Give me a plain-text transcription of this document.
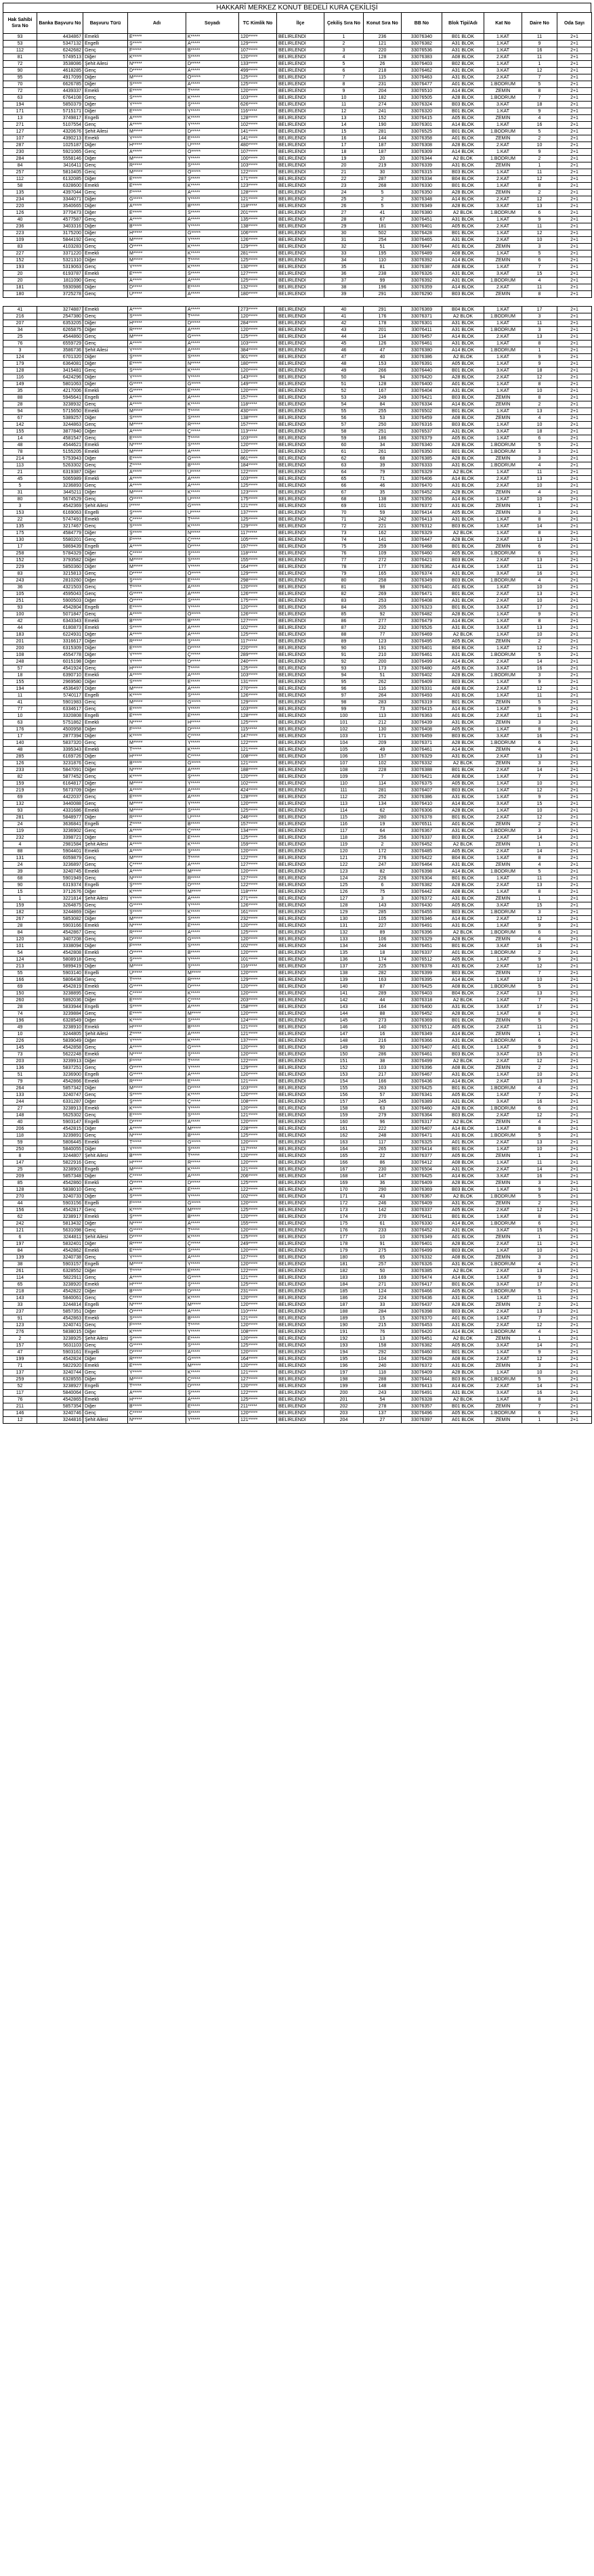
HAKKARİ MERKEZ KONUT BEDELİ KURA ÇEKİLİŞİ
Hak Sahibi Sıra No	Banka Başvuru No	Başvuru Türü	Adı	Soyadı	TC Kimlik No	İlçe	Çekiliş Sıra No	Konut Sıra No	BB No	Blok Tipi/Adı	Kat No	Daire No	Oda Sayı
93	4434867	Emekli	E*****	K*****	120*****	BELİRLENDİ	1	236	33076340	B01 BLOK	1.KAT	11	2+1
53	5347132	Engelli	Ş*****	A*****	129*****	BELİRLENDİ	2	121	33076382	A31 BLOK	1.KAT	9	2+1
112	6242682	Genç	F*****	B*****	107*****	BELİRLENDİ	3	220	33076536	A31 BLOK	1.KAT	16	2+1
81	5749513	Diğer	K*****	S*****	120*****	BELİRLENDİ	4	128	33076383	A08 BLOK	2.KAT	11	2+1
72	3538086	Şehit Ailesi	N*****	D*****	133*****	BELİRLENDİ	5	26	33076403	B02 BLOK	1.KAT	1	2+1
90	4618285	Genç	D*****	A*****	499*****	BELİRLENDİ	6	218	33076462	A31 BLOK	3.KAT	12	2+1
95	4917099	Diğer	M*****	Ö*****	125*****	BELİRLENDİ	7	115	33076463	A31 BLOK	2.KAT	7	2+1
70	6626785	Diğer	S*****	A*****	125*****	BELİRLENDİ	8	231	33076477	A01 BLOK	1.BODRUM	5	2+1
72	4439337	Emekli	E*****	T*****	120*****	BELİRLENDİ	9	204	33076510	A14 BLOK	ZEMİN	8	2+1
63	6764108	Genç	S*****	K*****	103*****	BELİRLENDİ	10	182	33076505	A28 BLOK	1.BODRUM	7	2+1
194	5850379	Diğer	Y*****	Ş*****	626*****	BELİRLENDİ	11	274	33076324	B03 BLOK	3.KAT	18	2+1
171	5715171	Diğer	E*****	Y*****	116*****	BELİRLENDİ	12	241	33076320	B01 BLOK	1.KAT	9	2+1
13	3749817	Engelli	A*****	K*****	128*****	BELİRLENDİ	13	152	33076415	A05 BLOK	ZEMİN	4	2+1
271	5107554	Genç	A*****	Y*****	102*****	BELİRLENDİ	14	190	33076301	A14 BLOK	1.KAT	16	2+1
127	4320676	Şehit Ailesi	M*****	D*****	141*****	BELİRLENDİ	15	281	33076525	B01 BLOK	1.BODRUM	5	2+1
107	4390213	Emekli	Y*****	E*****	141*****	BELİRLENDİ	16	144	33076358	A01 BLOK	ZEMİN	2	2+1
287	1025187	Diğer	H*****	Ü*****	480*****	BELİRLENDİ	17	187	33076308	A28 BLOK	2.KAT	10	2+1
230	5921065	Genç	A*****	Ö*****	107*****	BELİRLENDİ	18	187	33076309	A14 BLOK	1.KAT	9	2+1
284	5558146	Diğer	M*****	Y*****	100*****	BELİRLENDİ	19	20	33076344	A2 BLOK	1.BODRUM	2	2+1
84	3416411	Genç	R*****	S*****	103*****	BELİRLENDİ	20	219	33076339	A31 BLOK	ZEMİN	1	2+1
257	5810405	Genç	M*****	Ö*****	122*****	BELİRLENDİ	21	30	33076315	B03 BLOK	1.KAT	11	2+1
112	6132085	Diğer	E*****	Ş*****	171*****	BELİRLENDİ	22	287	33076334	B04 BLOK	2.KAT	12	2+1
58	6328600	Emekli	E*****	K*****	123*****	BELİRLENDİ	23	268	33076330	B01 BLOK	1.KAT	8	2+1
135	4397044	Genç	F*****	A*****	128*****	BELİRLENDİ	24	5	33076350	A28 BLOK	ZEMİN	2	2+1
234	3344071	Diğer	G*****	Y*****	121*****	BELİRLENDİ	25	2	33076348	A14 BLOK	2.KAT	12	2+1
220	3540665	Diğer	A*****	B*****	118*****	BELİRLENDİ	26	5	33076349	A28 BLOK	3.KAT	13	2+1
126	3770473	Diğer	E*****	S*****	201*****	BELİRLENDİ	27	41	33076380	A2 BLOK	1.BODRUM	6	2+1
40	4577587	Genç	A*****	A*****	135*****	BELİRLENDİ	28	67	33076451	A31 BLOK	1.KAT	9	2+1
236	3403316	Diğer	B*****	Y*****	138*****	BELİRLENDİ	29	181	33076401	A05 BLOK	2.KAT	11	2+1
223	3175200	Diğer	H*****	G*****	106*****	BELİRLENDİ	30	502	33076428	B01 BLOK	1.KAT	12	2+1
109	5844192	Genç	M*****	Y*****	126*****	BELİRLENDİ	31	254	33076465	A31 BLOK	2.KAT	10	2+1
83	4103283	Genç	Ö*****	K*****	129*****	BELİRLENDİ	32	51	33076447	A01 BLOK	ZEMİN	3	2+1
227	3371220	Emekli	M*****	K*****	281*****	BELİRLENDİ	33	195	33076489	A08 BLOK	1.KAT	5	2+1
152	5321310	Diğer	M*****	T*****	125*****	BELİRLENDİ	34	110	33076392	A14 BLOK	ZEMİN	6	2+1
193	5319063	Genç	Y*****	K*****	130*****	BELİRLENDİ	35	81	33076387	A08 BLOK	1.KAT	7	2+1
20	6193787	Emekli	E*****	S*****	127*****	BELİRLENDİ	36	238	33076326	A31 BLOK	3.KAT	15	2+1
20	1811090	Genç	A*****	A*****	125*****	BELİRLENDİ	37	99	33076392	A31 BLOK	1.BODRUM	4	2+1
181	5930986	Diğer	D*****	E*****	132*****	BELİRLENDİ	38	196	33076359	A14 BLOK	2.KAT	11	2+1
180	3725278	Genç	Ü*****	A*****	180*****	BELİRLENDİ	39	291	33076290	B03 BLOK	ZEMİN	8	2+1

41	3274887	Emekli	A*****	A*****	273*****	BELİRLENDİ	40	291	33076369	B04 BLOK	1.KAT	17	2+1
216	2547380	Genç	S*****	T*****	120*****	BELİRLENDİ	41	176	33076371	A2 BLOK	1.BODRUM	3	2+1
207	6353205	Diğer	H*****	D*****	284*****	BELİRLENDİ	42	178	33076301	A31 BLOK	1.KAT	11	2+1
34	6265875	Diğer	R*****	A*****	120*****	BELİRLENDİ	43	201	33076411	A31 BLOK	1.BODRUM	3	2+1
25	4544860	Genç	M*****	G*****	125*****	BELİRLENDİ	44	114	33076457	A14 BLOK	2.KAT	13	2+1
76	6559729	Genç	A*****	A*****	103*****	BELİRLENDİ	45	126	33076461	A31 BLOK	1.KAT	8	2+1
3	3586736	Şehit Ailesi	Y*****	A*****	384*****	BELİRLENDİ	46	47	33076380	A14 BLOK	1.BODRUM	1	2+1
124	6701320	Diğer	Ş*****	S*****	301*****	BELİRLENDİ	47	40	33076386	A2 BLOK	1.KAT	9	2+1
179	6364081	Diğer	E*****	N*****	180*****	BELİRLENDİ	48	153	33076391	A05 BLOK	1.KAT	9	2+1
128	3415481	Genç	S*****	K*****	120*****	BELİRLENDİ	49	266	33076440	B01 BLOK	3.KAT	18	2+1
116	6424296	Diğer	Y*****	Y*****	143*****	BELİRLENDİ	50	94	33076420	A28 BLOK	2.KAT	12	2+1
149	5801063	Diğer	G*****	G*****	149*****	BELİRLENDİ	51	128	33076400	A01 BLOK	1.KAT	8	2+1
35	4217006	Emekli	G*****	E*****	120*****	BELİRLENDİ	52	167	33076404	A31 BLOK	1.KAT	10	2+1
88	5945641	Engelli	A*****	A*****	157*****	BELİRLENDİ	53	249	33076421	B03 BLOK	ZEMİN	8	2+1
28	3238932	Genç	A*****	K*****	118*****	BELİRLENDİ	54	84	33076334	A14 BLOK	ZEMİN	2	2+1
94	5715650	Emekli	M*****	T*****	430*****	BELİRLENDİ	55	255	33076502	B01 BLOK	1.KAT	13	2+1
67	5389257	Diğer	S*****	S*****	138*****	BELİRLENDİ	56	53	33076459	A08 BLOK	ZEMİN	4	2+1
142	3244863	Genç	M*****	R*****	157*****	BELİRLENDİ	57	250	33076316	B03 BLOK	1.KAT	10	2+1
155	3877840	Diğer	A*****	Ç*****	113*****	BELİRLENDİ	58	251	33076537	A31 BLOK	3.KAT	18	2+1
14	4581547	Genç	E*****	T*****	103*****	BELİRLENDİ	59	186	33076379	A05 BLOK	1.KAT	6	2+1
48	4544621	Emekli	N*****	S*****	120*****	BELİRLENDİ	60	34	33076340	A28 BLOK	1.BODRUM	5	2+1
78	5155205	Emekli	M*****	A*****	120*****	BELİRLENDİ	61	261	33076350	B01 BLOK	1.BODRUM	3	2+1
214	5753943	Diğer	E*****	G*****	861*****	BELİRLENDİ	62	68	33076385	A28 BLOK	ZEMİN	3	2+1
113	5263302	Genç	Z*****	B*****	184*****	BELİRLENDİ	63	39	33076333	A31 BLOK	1.BODRUM	4	2+1
21	6319387	Diğer	A*****	Ü*****	122*****	BELİRLENDİ	64	79	33076329	A2 BLOK	1.KAT	11	2+1
45	5065989	Emekli	A*****	A*****	103*****	BELİRLENDİ	65	71	33076406	A14 BLOK	2.KAT	13	2+1
5	3236893	Genç	A*****	A*****	125*****	BELİRLENDİ	66	46	33076470	A31 BLOK	2.KAT	10	2+1
31	3445211	Diğer	M*****	K*****	123*****	BELİRLENDİ	67	35	33076452	A28 BLOK	ZEMİN	4	2+1
80	5674529	Genç	Ö*****	Ü*****	175*****	BELİRLENDİ	68	138	33076356	A14 BLOK	1.KAT	10	2+1
3	4542369	Şehit Ailesi	İ*****	G*****	121*****	BELİRLENDİ	69	101	33076372	A31 BLOK	ZEMİN	1	2+1
153	6169063	Engelli	Ş*****	U*****	137*****	BELİRLENDİ	70	59	33076414	A05 BLOK	ZEMİN	3	2+1
22	5747491	Emekli	Ç*****	T*****	125*****	BELİRLENDİ	71	242	33076413	A31 BLOK	1.KAT	8	2+1
135	3217467	Genç	S*****	K*****	129*****	BELİRLENDİ	72	221	33076312	B03 BLOK	1.KAT	14	2+1
175	4584779	Diğer	Ş*****	N*****	117*****	BELİRLENDİ	73	162	33076329	A2 BLOK	1.KAT	8	2+1
130	5580201	Genç	F*****	Ç*****	105*****	BELİRLENDİ	74	141	33076447	A28 BLOK	2.KAT	13	2+1
17	5869439	Engelli	A*****	D*****	197*****	BELİRLENDİ	75	259	33076468	B01 BLOK	ZEMİN	6	2+1
258	5784329	Diğer	Ç*****	Ş*****	118*****	BELİRLENDİ	76	109	33076460	A05 BLOK	1.BODRUM	6	2+1
152	3793582	Diğer	M*****	S*****	155*****	BELİRLENDİ	77	272	33076421	B03 BLOK	2.KAT	13	2+1
229	5850360	Diğer	M*****	Y*****	164*****	BELİRLENDİ	78	177	33076362	A14 BLOK	1.KAT	11	2+1
83	3215813	Genç	D*****	Ö*****	129*****	BELİRLENDİ	79	165	33076374	A31 BLOK	3.KAT	16	2+1
243	2810260	Diğer	Ş*****	E*****	298*****	BELİRLENDİ	80	258	33076349	B03 BLOK	1.BODRUM	4	2+1
36	4321503	Genç	T*****	A*****	120*****	BELİRLENDİ	81	98	33076401	A01 BLOK	1.KAT	10	2+1
105	4595043	Genç	G*****	A*****	126*****	BELİRLENDİ	82	269	33076471	B01 BLOK	2.KAT	13	2+1
251	5900503	Diğer	Ö*****	S*****	175*****	BELİRLENDİ	83	253	33076408	A31 BLOK	2.KAT	10	2+1
93	4542804	Engelli	E*****	Y*****	120*****	BELİRLENDİ	84	205	33076323	B01 BLOK	3.KAT	17	2+1
100	5071847	Genç	A*****	Ö*****	126*****	BELİRLENDİ	85	92	33076482	A28 BLOK	1.KAT	9	2+1
42	6343343	Emekli	B*****	B*****	127*****	BELİRLENDİ	86	277	33076479	A14 BLOK	1.KAT	8	2+1
44	6180873	Emekli	S*****	A*****	102*****	BELİRLENDİ	87	232	33076526	A31 BLOK	3.KAT	13	2+1
183	6224931	Diğer	A*****	A*****	125*****	BELİRLENDİ	88	77	33076469	A2 BLOK	1.KAT	10	2+1
201	3316617	Diğer	R*****	Ş*****	117*****	BELİRLENDİ	89	123	33076495	A05 BLOK	ZEMİN	2	2+1
200	6315309	Diğer	E*****	D*****	220*****	BELİRLENDİ	90	191	33076401	B04 BLOK	1.KAT	12	2+1
108	4554778	Diğer	Y*****	Ç*****	289*****	BELİRLENDİ	91	210	33076461	A31 BLOK	1.BODRUM	5	2+1
248	6015198	Diğer	Y*****	D*****	240*****	BELİRLENDİ	92	200	33076499	A14 BLOK	2.KAT	14	2+1
57	4541924	Genç	H*****	T*****	125*****	BELİRLENDİ	93	173	33076480	A05 BLOK	3.KAT	16	2+1
18	6390710	Emekli	A*****	A*****	103*****	BELİRLENDİ	94	51	33076402	A28 BLOK	1.BODRUM	3	2+1
155	2969580	Diğer	S*****	E*****	131*****	BELİRLENDİ	95	262	33076409	B03 BLOK	1.KAT	9	2+1
194	4536497	Diğer	M*****	A*****	270*****	BELİRLENDİ	96	116	33076331	A08 BLOK	2.KAT	12	2+1
11	5740117	Engelli	K*****	S*****	126*****	BELİRLENDİ	97	264	33076493	A31 BLOK	1.KAT	11	2+1
41	5901983	Genç	M*****	G*****	129*****	BELİRLENDİ	98	283	33076319	B01 BLOK	ZEMİN	5	2+1
77	6334617	Genç	E*****	Y*****	103*****	BELİRLENDİ	99	73	33076415	A14 BLOK	1.KAT	9	2+1
10	3320808	Engelli	E*****	E*****	128*****	BELİRLENDİ	100	113	33076363	A01 BLOK	2.KAT	11	2+1
63	5751862	Emekli	N*****	H*****	125*****	BELİRLENDİ	101	212	33076439	A31 BLOK	ZEMİN	3	2+1
176	4500958	Diğer	F*****	D*****	115*****	BELİRLENDİ	102	130	33076408	A05 BLOK	1.KAT	8	2+1
17	2877394	Diğer	K*****	Ç*****	147*****	BELİRLENDİ	103	171	33076459	B03 BLOK	3.KAT	16	2+1
140	5837320	Genç	M*****	Y*****	122*****	BELİRLENDİ	104	209	33076371	A28 BLOK	1.BODRUM	6	2+1
48	3395343	Emekli	T*****	K*****	121*****	BELİRLENDİ	105	49	33076461	A14 BLOK	ZEMİN	4	2+1
285	6169726	Diğer	H*****	C*****	108*****	BELİRLENDİ	106	157	33076329	A31 BLOK	2.KAT	13	2+1
126	3231876	Genç	B*****	G*****	121*****	BELİRLENDİ	107	102	33076332	A2 BLOK	ZEMİN	3	2+1
233	5847091	Diğer	N*****	A*****	188*****	BELİRLENDİ	108	228	33076388	B01 BLOK	2.KAT	14	2+1
82	5877452	Genç	K*****	Ş*****	120*****	BELİRLENDİ	109	7	33076421	A08 BLOK	1.KAT	7	2+1
159	6164817	Diğer	M*****	Y*****	102*****	BELİRLENDİ	110	114	33076375	A05 BLOK	1.KAT	10	2+1
219	5673709	Diğer	A*****	A*****	424*****	BELİRLENDİ	111	281	33076407	B03 BLOK	1.KAT	12	2+1
69	4422037	Genç	E*****	A*****	128*****	BELİRLENDİ	112	252	33076386	A31 BLOK	1.KAT	9	2+1
132	3440088	Genç	M*****	Y*****	120*****	BELİRLENDİ	113	134	33076410	A14 BLOK	3.KAT	15	2+1
93	4331686	Emekli	M*****	S*****	125*****	BELİRLENDİ	114	62	33076306	A28 BLOK	1.KAT	10	2+1
281	5848977	Diğer	R*****	Ü*****	246*****	BELİRLENDİ	115	280	33076378	B01 BLOK	2.KAT	12	2+1
24	3636841	Engelli	Z*****	B*****	157*****	BELİRLENDİ	116	19	33076511	A01 BLOK	ZEMİN	2	2+1
119	3236902	Genç	A*****	Ç*****	134*****	BELİRLENDİ	117	64	33076367	A31 BLOK	1.BODRUM	3	2+1
232	3398721	Diğer	E*****	E*****	125*****	BELİRLENDİ	118	256	33076337	B03 BLOK	2.KAT	14	2+1
4	2981584	Şehit Ailesi	A*****	K*****	159*****	BELİRLENDİ	119	2	33076452	A2 BLOK	ZEMİN	1	2+1
88	5904401	Emekli	A*****	Ş*****	120*****	BELİRLENDİ	120	172	33076485	A05 BLOK	2.KAT	14	2+1
131	6059879	Genç	M*****	T*****	122*****	BELİRLENDİ	121	276	33076422	B04 BLOK	1.KAT	8	2+1
24	3236897	Genç	Ç*****	A*****	127*****	BELİRLENDİ	122	247	33076464	A31 BLOK	ZEMİN	4	2+1
39	3240745	Emekli	A*****	M*****	120*****	BELİRLENDİ	123	82	33076398	A14 BLOK	1.BODRUM	5	2+1
68	5901949	Genç	N*****	R*****	127*****	BELİRLENDİ	124	226	33076304	B01 BLOK	1.KAT	11	2+1
90	6319374	Engelli	Ş*****	D*****	122*****	BELİRLENDİ	125	6	33076382	A28 BLOK	2.KAT	13	2+1
15	3712676	Diğer	K*****	M*****	118*****	BELİRLENDİ	126	75	33076442	A08 BLOK	1.KAT	8	2+1
1	3221814	Şehit Ailesi	Y*****	A*****	271*****	BELİRLENDİ	127	3	33076372	A31 BLOK	ZEMİN	1	2+1
159	3264875	Genç	G*****	Y*****	126*****	BELİRLENDİ	128	143	33076430	A05 BLOK	3.KAT	15	2+1
182	3244869	Diğer	Ş*****	K*****	161*****	BELİRLENDİ	129	285	33076455	B03 BLOK	1.BODRUM	3	2+1
267	5853082	Diğer	M*****	S*****	232*****	BELİRLENDİ	130	105	33076346	A14 BLOK	2.KAT	12	2+1
28	5903166	Emekli	N*****	E*****	120*****	BELİRLENDİ	131	227	33076491	A31 BLOK	1.KAT	9	2+1
84	4542867	Genç	R*****	A*****	125*****	BELİRLENDİ	132	89	33076396	A2 BLOK	1.BODRUM	6	2+1
120	3407208	Genç	D*****	G*****	120*****	BELİRLENDİ	133	106	33076329	A28 BLOK	ZEMİN	4	2+1
101	3338094	Diğer	F*****	S*****	102*****	BELİRLENDİ	134	244	33076451	B01 BLOK	3.KAT	16	2+1
54	4542808	Emekli	Ö*****	B*****	120*****	BELİRLENDİ	135	18	33076337	A01 BLOK	1.BODRUM	2	2+1
124	5808918	Genç	Ş*****	Y*****	101*****	BELİRLENDİ	136	174	33076512	A05 BLOK	1.KAT	9	2+1
213	5899419	Diğer	M*****	Ş*****	116*****	BELİRLENDİ	137	225	33076378	A31 BLOK	2.KAT	12	2+1
55	5903140	Engelli	Ü*****	M*****	120*****	BELİRLENDİ	138	282	33076399	B03 BLOK	ZEMİN	7	2+1
166	5806438	Genç	T*****	R*****	129*****	BELİRLENDİ	139	163	33076395	A14 BLOK	1.KAT	10	2+1
69	4542819	Emekli	G*****	D*****	120*****	BELİRLENDİ	140	87	33076425	A08 BLOK	1.BODRUM	5	2+1
150	3238895	Genç	C*****	K*****	120*****	BELİRLENDİ	141	289	33076403	B04 BLOK	2.KAT	13	2+1
260	5892036	Diğer	E*****	Ç*****	203*****	BELİRLENDİ	142	44	33076318	A2 BLOK	1.KAT	7	2+1
28	5833944	Engelli	S*****	A*****	158*****	BELİRLENDİ	143	164	33076400	A31 BLOK	3.KAT	17	2+1
74	3239884	Genç	E*****	M*****	120*****	BELİRLENDİ	144	88	33076452	A28 BLOK	1.KAT	8	2+1
196	6328549	Diğer	K*****	S*****	124*****	BELİRLENDİ	145	273	33076369	B01 BLOK	ZEMİN	5	2+1
49	3238910	Emekli	H*****	B*****	121*****	BELİRLENDİ	146	140	33076512	A05 BLOK	2.KAT	11	2+1
10	3244805	Şehit Ailesi	Z*****	A*****	121*****	BELİRLENDİ	147	16	33076349	A14 BLOK	ZEMİN	1	2+1
226	5839049	Diğer	Y*****	K*****	137*****	BELİRLENDİ	148	216	33076366	A31 BLOK	1.BODRUM	6	2+1
145	4542858	Genç	A*****	G*****	120*****	BELİRLENDİ	149	90	33076407	A01 BLOK	1.KAT	9	2+1
73	5622248	Emekli	N*****	Ş*****	120*****	BELİRLENDİ	150	286	33076461	B03 BLOK	3.KAT	15	2+1
203	3239913	Diğer	F*****	T*****	122*****	BELİRLENDİ	151	38	33076499	A2 BLOK	2.KAT	12	2+1
136	5837251	Genç	Ö*****	Y*****	129*****	BELİRLENDİ	152	103	33076396	A08 BLOK	ZEMİN	2	2+1
51	3236900	Engelli	G*****	A*****	120*****	BELİRLENDİ	153	217	33076467	A31 BLOK	1.KAT	10	2+1
79	4542866	Emekli	R*****	E*****	121*****	BELİRLENDİ	154	166	33076436	A14 BLOK	2.KAT	13	2+1
264	5857342	Diğer	M*****	D*****	103*****	BELİRLENDİ	155	263	33076425	B01 BLOK	1.BODRUM	4	2+1
133	3240747	Genç	S*****	K*****	120*****	BELİRLENDİ	156	57	33076341	A05 BLOK	1.KAT	7	2+1
244	6331287	Diğer	Ş*****	Ç*****	108*****	BELİRLENDİ	157	245	33076389	A31 BLOK	3.KAT	16	2+1
27	3238913	Emekli	K*****	Y*****	120*****	BELİRLENDİ	158	63	33076460	A28 BLOK	1.BODRUM	6	2+1
148	5625302	Genç	E*****	S*****	121*****	BELİRLENDİ	159	279	33076364	B03 BLOK	2.KAT	12	2+1
40	5903147	Engelli	D*****	A*****	120*****	BELİRLENDİ	160	96	33076317	A2 BLOK	ZEMİN	4	2+1
206	4542815	Diğer	A*****	M*****	228*****	BELİRLENDİ	161	222	33076407	A14 BLOK	1.KAT	8	2+1
118	3239891	Genç	N*****	B*****	125*****	BELİRLENDİ	162	248	33076471	A31 BLOK	1.BODRUM	5	2+1
59	5806445	Emekli	T*****	G*****	120*****	BELİRLENDİ	163	117	33076325	A01 BLOK	2.KAT	13	2+1
250	5840055	Diğer	Y*****	Ş*****	117*****	BELİRLENDİ	164	265	33076414	B01 BLOK	1.KAT	10	2+1
8	3244807	Şehit Ailesi	B*****	T*****	120*****	BELİRLENDİ	165	22	33076377	A05 BLOK	ZEMİN	1	2+1
147	5822916	Genç	H*****	R*****	120*****	BELİRLENDİ	166	86	33076412	A08 BLOK	1.KAT	11	2+1
25	3238903	Engelli	M*****	K*****	121*****	BELİRLENDİ	167	230	33076504	A31 BLOK	2.KAT	14	2+1
209	5857348	Diğer	C*****	A*****	206*****	BELİRLENDİ	168	147	33076425	A14 BLOK	3.KAT	16	2+1
85	4542860	Emekli	Ö*****	D*****	125*****	BELİRLENDİ	169	36	33076409	A28 BLOK	ZEMİN	3	2+1
128	5838010	Genç	A*****	E*****	122*****	BELİRLENDİ	170	290	33076369	B03 BLOK	1.KAT	9	2+1
270	3240733	Diğer	S*****	Y*****	102*****	BELİRLENDİ	171	43	33076367	A2 BLOK	1.BODRUM	5	2+1
44	5903156	Engelli	F*****	G*****	120*****	BELİRLENDİ	172	246	33076409	A31 BLOK	ZEMİN	2	2+1
156	4542817	Genç	K*****	M*****	125*****	BELİRLENDİ	173	142	33076337	A05 BLOK	2.KAT	12	2+1
62	3238917	Emekli	Ş*****	B*****	120*****	BELİRLENDİ	174	270	33076411	B01 BLOK	1.KAT	8	2+1
242	5813432	Diğer	N*****	A*****	155*****	BELİRLENDİ	175	61	33076330	A14 BLOK	1.BODRUM	6	2+1
121	5631098	Genç	G*****	T*****	120*****	BELİRLENDİ	176	233	33076452	A31 BLOK	3.KAT	15	2+1
6	3244811	Şehit Ailesi	D*****	K*****	125*****	BELİRLENDİ	177	10	33076349	A01 BLOK	ZEMİN	1	2+1
197	5832401	Diğer	R*****	Ç*****	249*****	BELİRLENDİ	178	91	33076401	A28 BLOK	2.KAT	11	2+1
84	4542862	Emekli	E*****	S*****	120*****	BELİRLENDİ	179	275	33076499	B03 BLOK	1.KAT	10	2+1
139	3240738	Genç	Y*****	A*****	127*****	BELİRLENDİ	180	65	33076332	A08 BLOK	ZEMİN	3	2+1
38	5903157	Engelli	M*****	Y*****	120*****	BELİRLENDİ	181	257	33076326	A31 BLOK	1.BODRUM	4	2+1
261	6328552	Diğer	T*****	E*****	122*****	BELİRLENDİ	182	50	33076385	A2 BLOK	2.KAT	13	2+1
114	5822911	Genç	A*****	G*****	121*****	BELİRLENDİ	183	169	33076474	A14 BLOK	1.KAT	9	2+1
65	3238920	Emekli	H*****	Ş*****	125*****	BELİRLENDİ	184	271	33076417	B01 BLOK	3.KAT	17	2+1
218	4542822	Diğer	B*****	D*****	231*****	BELİRLENDİ	185	124	33076466	A05 BLOK	1.BODRUM	5	2+1
143	5840061	Genç	C*****	K*****	120*****	BELİRLENDİ	186	224	33076436	A31 BLOK	1.KAT	11	2+1
33	3244814	Engelli	N*****	M*****	120*****	BELİRLENDİ	187	33	33076437	A28 BLOK	ZEMİN	2	2+1
237	5857351	Diğer	Ö*****	A*****	110*****	BELİRLENDİ	188	284	33076398	B03 BLOK	2.KAT	13	2+1
91	4542863	Emekli	S*****	B*****	121*****	BELİRLENDİ	189	15	33076370	A01 BLOK	1.KAT	7	2+1
123	3240741	Genç	F*****	T*****	120*****	BELİRLENDİ	190	215	33076453	A31 BLOK	2.KAT	12	2+1
276	5838015	Diğer	K*****	Y*****	108*****	BELİRLENDİ	191	76	33076420	A14 BLOK	1.BODRUM	4	2+1
2	3238925	Şehit Ailesi	Ş*****	E*****	120*****	BELİRLENDİ	192	13	33076451	A2 BLOK	ZEMİN	1	2+1
157	5631103	Genç	G*****	S*****	125*****	BELİRLENDİ	193	158	33076382	A05 BLOK	3.KAT	14	2+1
47	5903161	Engelli	D*****	A*****	120*****	BELİRLENDİ	194	292	33076460	B01 BLOK	1.KAT	9	2+1
199	4542824	Diğer	R*****	G*****	164*****	BELİRLENDİ	195	104	33076428	A08 BLOK	2.KAT	12	2+1
71	5822920	Emekli	E*****	M*****	120*****	BELİRLENDİ	196	240	33076372	A31 BLOK	ZEMİN	3	2+1
137	3240744	Genç	Y*****	K*****	121*****	BELİRLENDİ	197	118	33076409	A28 BLOK	1.KAT	10	2+1
259	6328555	Diğer	M*****	Ç*****	127*****	BELİRLENDİ	198	288	33076441	B03 BLOK	1.BODRUM	5	2+1
52	3238927	Engelli	T*****	D*****	120*****	BELİRLENDİ	199	148	33076413	A14 BLOK	2.KAT	14	2+1
117	5840064	Genç	A*****	Ş*****	122*****	BELİRLENDİ	200	243	33076491	A31 BLOK	3.KAT	16	2+1
76	4542865	Emekli	H*****	A*****	125*****	BELİRLENDİ	201	54	33076328	A2 BLOK	1.KAT	8	2+1
211	5857354	Diğer	B*****	E*****	211*****	BELİRLENDİ	202	278	33076357	B01 BLOK	ZEMİN	7	2+1
146	3240746	Genç	C*****	S*****	120*****	BELİRLENDİ	203	137	33076496	A05 BLOK	1.BODRUM	6	2+1
12	3244816	Şehit Ailesi	N*****	Y*****	121*****	BELİRLENDİ	204	27	33076397	A01 BLOK	ZEMİN	1	2+1
